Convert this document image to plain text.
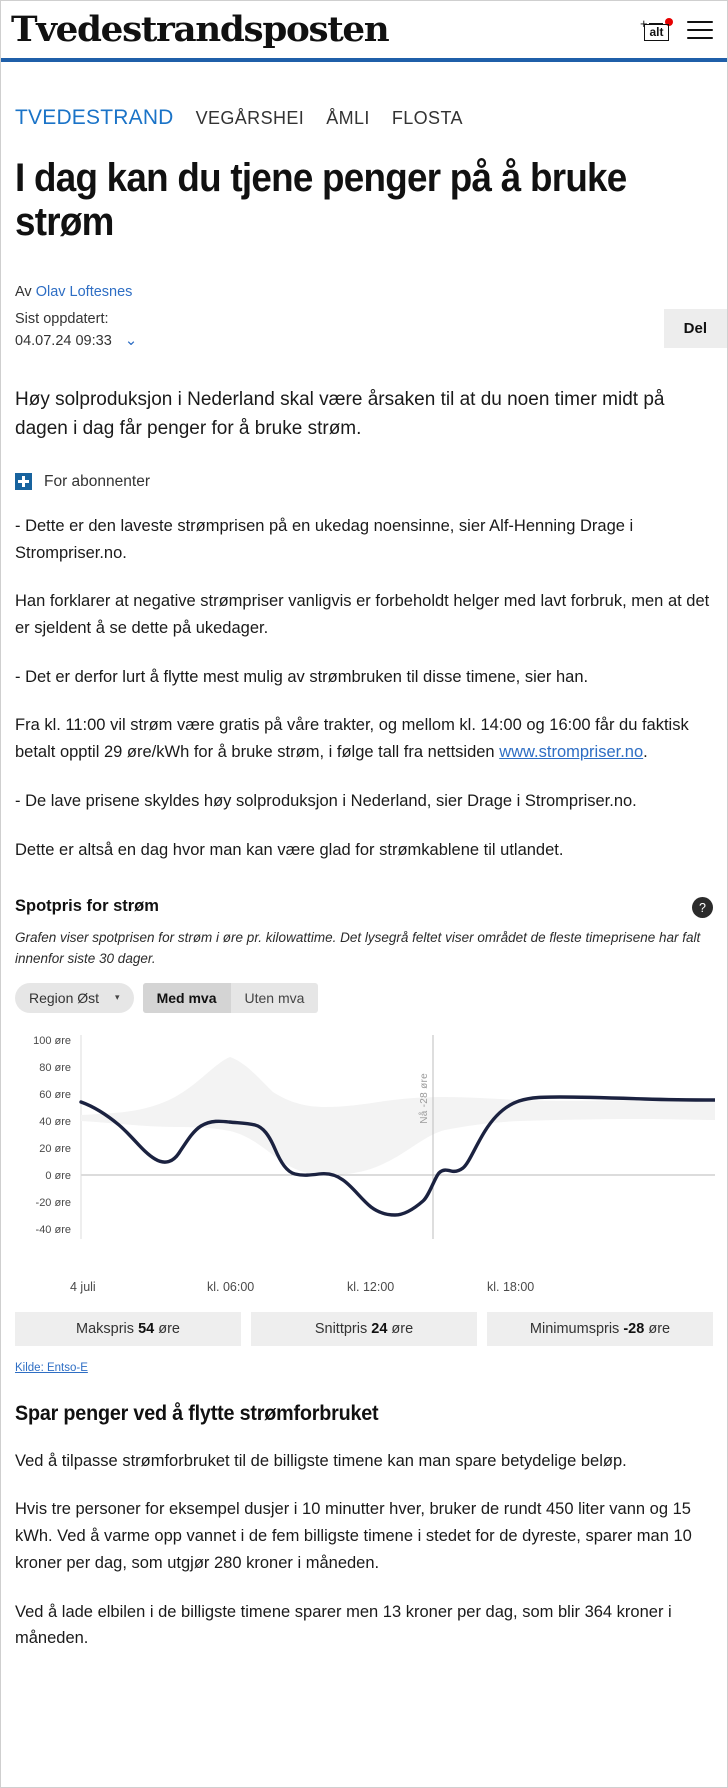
Tvedestrandsposten	+
alt
TVEDESTRAND VEGÅRSHEI ÅMLI FLOSTA
I dag kan du tjene penger på å bruke strøm
Av Olav Loftesnes
Sist oppdatert:
04.07.24 09:33 ⌄
Del
Høy solproduksjon i Nederland skal være årsaken til at du noen timer midt på dagen i dag får penger for å bruke strøm.
For abonnenter

- Dette er den laveste strømprisen på en ukedag noensinne, sier Alf-Henning Drage i Strompriser.no.

Han forklarer at negative strømpriser vanligvis er forbeholdt helger med lavt forbruk, men at det er sjeldent å se dette på ukedager.

- Det er derfor lurt å flytte mest mulig av strømbruken til disse timene, sier han.

Fra kl. 11:00 vil strøm være gratis på våre trakter, og mellom kl. 14:00 og 16:00 får du faktisk betalt opptil 29 øre/kWh for å bruke strøm, i følge tall fra nettsiden www.strompriser.no.

- De lave prisene skyldes høy solproduksjon i Nederland, sier Drage i Strompriser.no.

Dette er altså en dag hvor man kan være glad for strømkablene til utlandet.

Spotpris for strøm	?
Grafen viser spotprisen for strøm i øre pr. kilowattime. Det lysegrå feltet viser området de fleste timeprisene har falt innenfor siste 30 dager.
Region Øst ▾	Med mva	Uten mva
100 øre
80 øre
60 øre
40 øre
20 øre
0 øre
-20 øre
-40 øre
Nå -28 øre
4 juli	kl. 06:00	kl. 12:00	kl. 18:00
Makspris 54 øre	Snittpris 24 øre	Minimumspris -28 øre
Kilde: Entso-E
Spar penger ved å flytte strømforbruket

Ved å tilpasse strømforbruket til de billigste timene kan man spare betydelige beløp.

Hvis tre personer for eksempel dusjer i 10 minutter hver, bruker de rundt 450 liter vann og 15 kWh. Ved å varme opp vannet i de fem billigste timene i stedet for de dyreste, sparer man 10 kroner per dag, som utgjør 280 kroner i måneden.

Ved å lade elbilen i de billigste timene sparer men 13 kroner per dag, som blir 364 kroner i måneden.
